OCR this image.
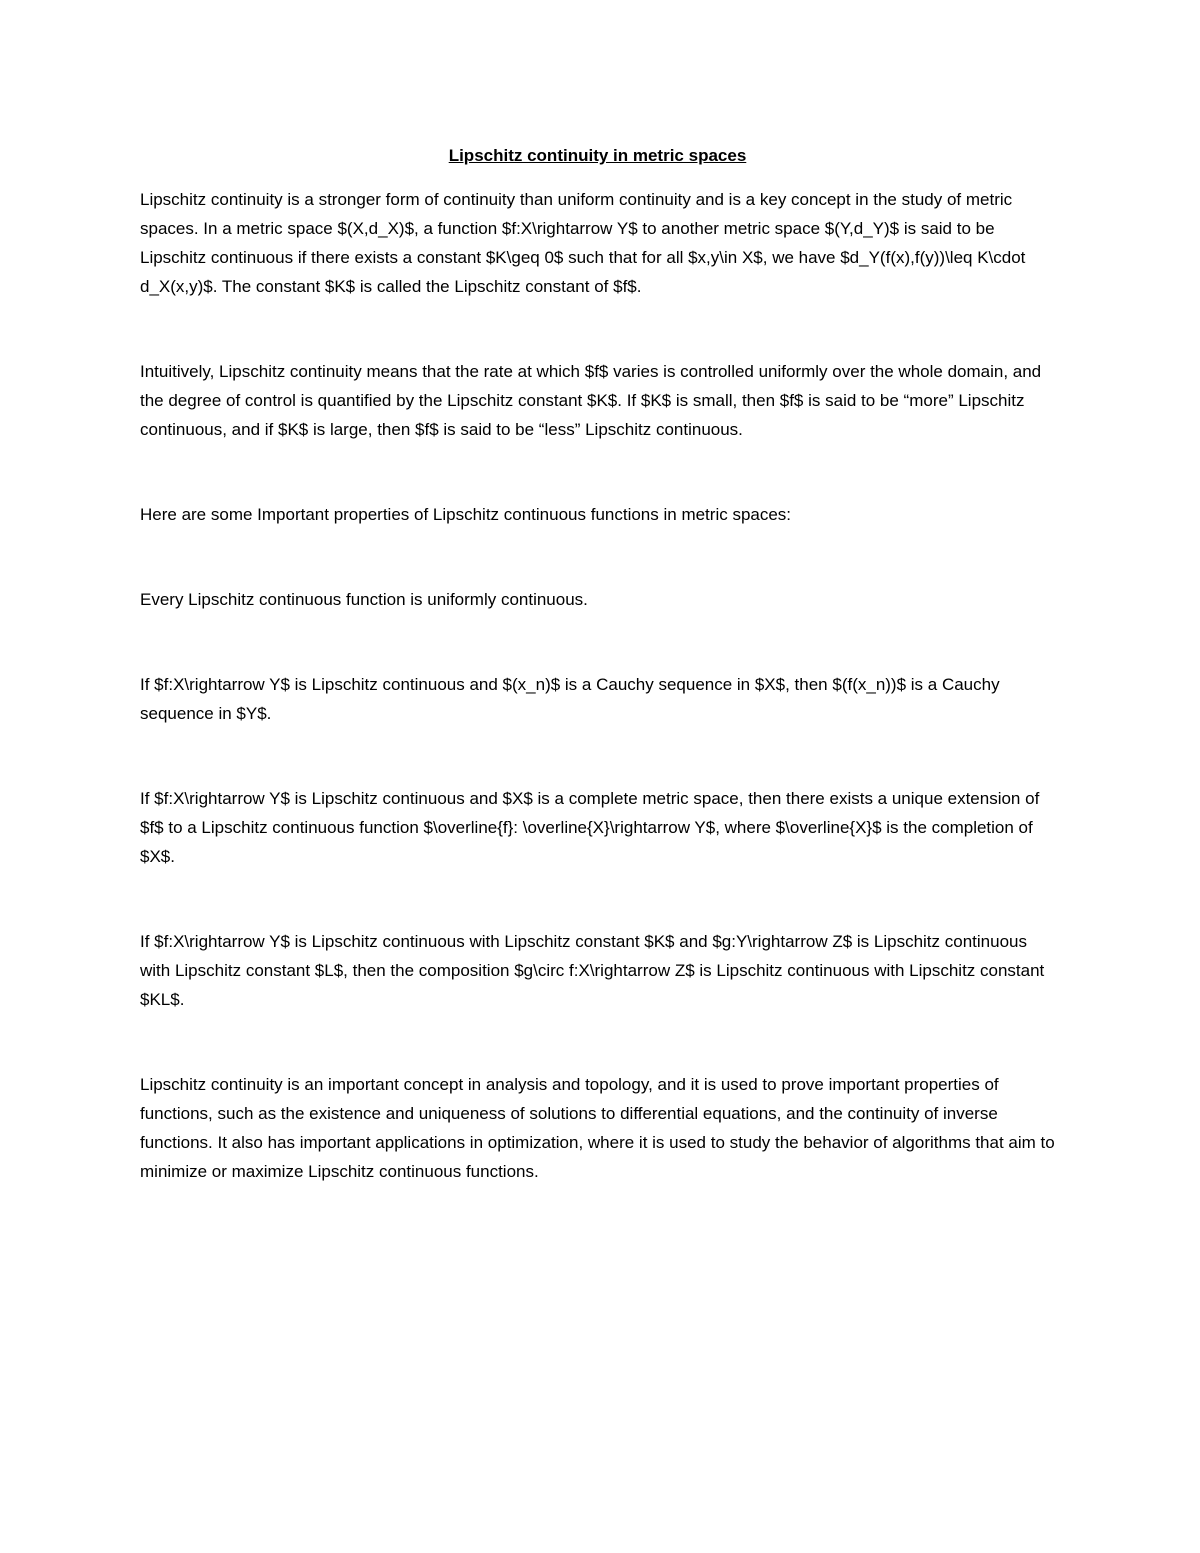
Lipschitz continuity in metric spaces

Lipschitz continuity is a stronger form of continuity than uniform continuity and is a key concept in the study of metric spaces. In a metric space $(X,d_X)$, a function $f:X\rightarrow Y$ to another metric space $(Y,d_Y)$ is said to be Lipschitz continuous if there exists a constant $K\geq 0$ such that for all $x,y\in X$, we have $d_Y(f(x),f(y))\leq K\cdot d_X(x,y)$. The constant $K$ is called the Lipschitz constant of $f$.

Intuitively, Lipschitz continuity means that the rate at which $f$ varies is controlled uniformly over the whole domain, and the degree of control is quantified by the Lipschitz constant $K$. If $K$ is small, then $f$ is said to be “more” Lipschitz continuous, and if $K$ is large, then $f$ is said to be “less” Lipschitz continuous.

Here are some Important properties of Lipschitz continuous functions in metric spaces:

Every Lipschitz continuous function is uniformly continuous.

If $f:X\rightarrow Y$ is Lipschitz continuous and $(x_n)$ is a Cauchy sequence in $X$, then $(f(x_n))$ is a Cauchy sequence in $Y$.

If $f:X\rightarrow Y$ is Lipschitz continuous and $X$ is a complete metric space, then there exists a unique extension of $f$ to a Lipschitz continuous function $\overline{f}: \overline{X}\rightarrow Y$, where $\overline{X}$ is the completion of $X$.

If $f:X\rightarrow Y$ is Lipschitz continuous with Lipschitz constant $K$ and $g:Y\rightarrow Z$ is Lipschitz continuous with Lipschitz constant $L$, then the composition $g\circ f:X\rightarrow Z$ is Lipschitz continuous with Lipschitz constant $KL$.

Lipschitz continuity is an important concept in analysis and topology, and it is used to prove important properties of functions, such as the existence and uniqueness of solutions to differential equations, and the continuity of inverse functions. It also has important applications in optimization, where it is used to study the behavior of algorithms that aim to minimize or maximize Lipschitz continuous functions.
